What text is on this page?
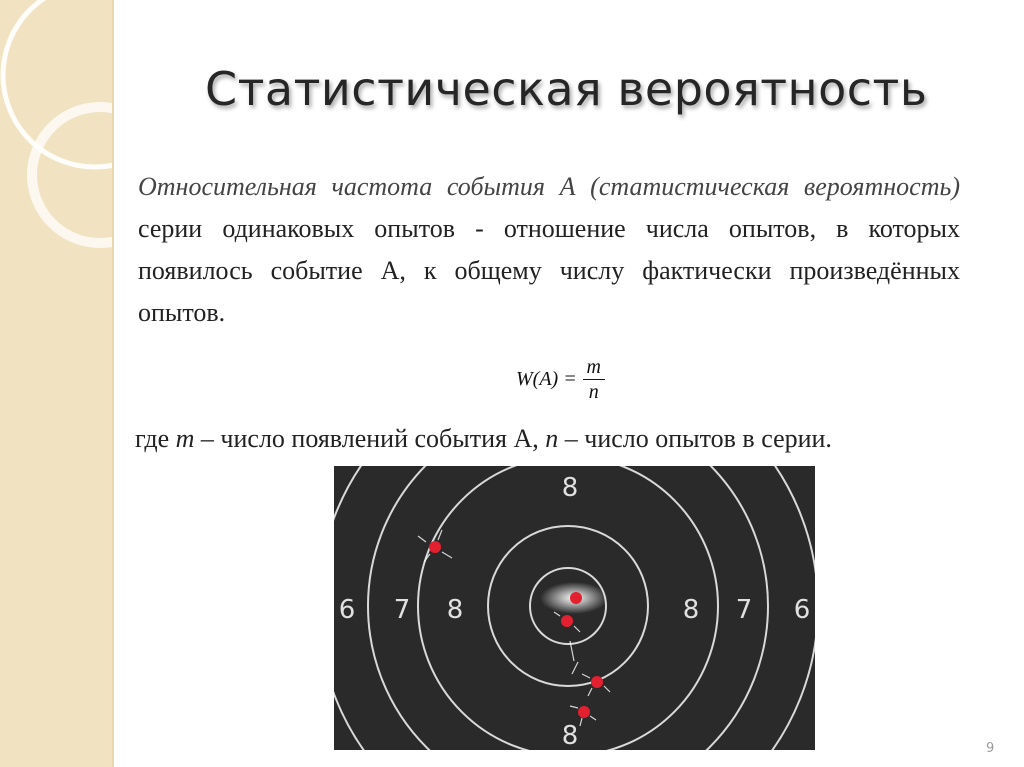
Статистическая вероятность
Относительная частота события А (статистическая вероятность) серии одинаковых опытов - отношение числа опытов, в которых появилось событие А, к общему числу фактически произведённых опытов.
$W(A) = \frac{m}{n}$
где m – число появлений события А, n – число опытов в серии.
8
6 7 8	8 7 6
8	9
